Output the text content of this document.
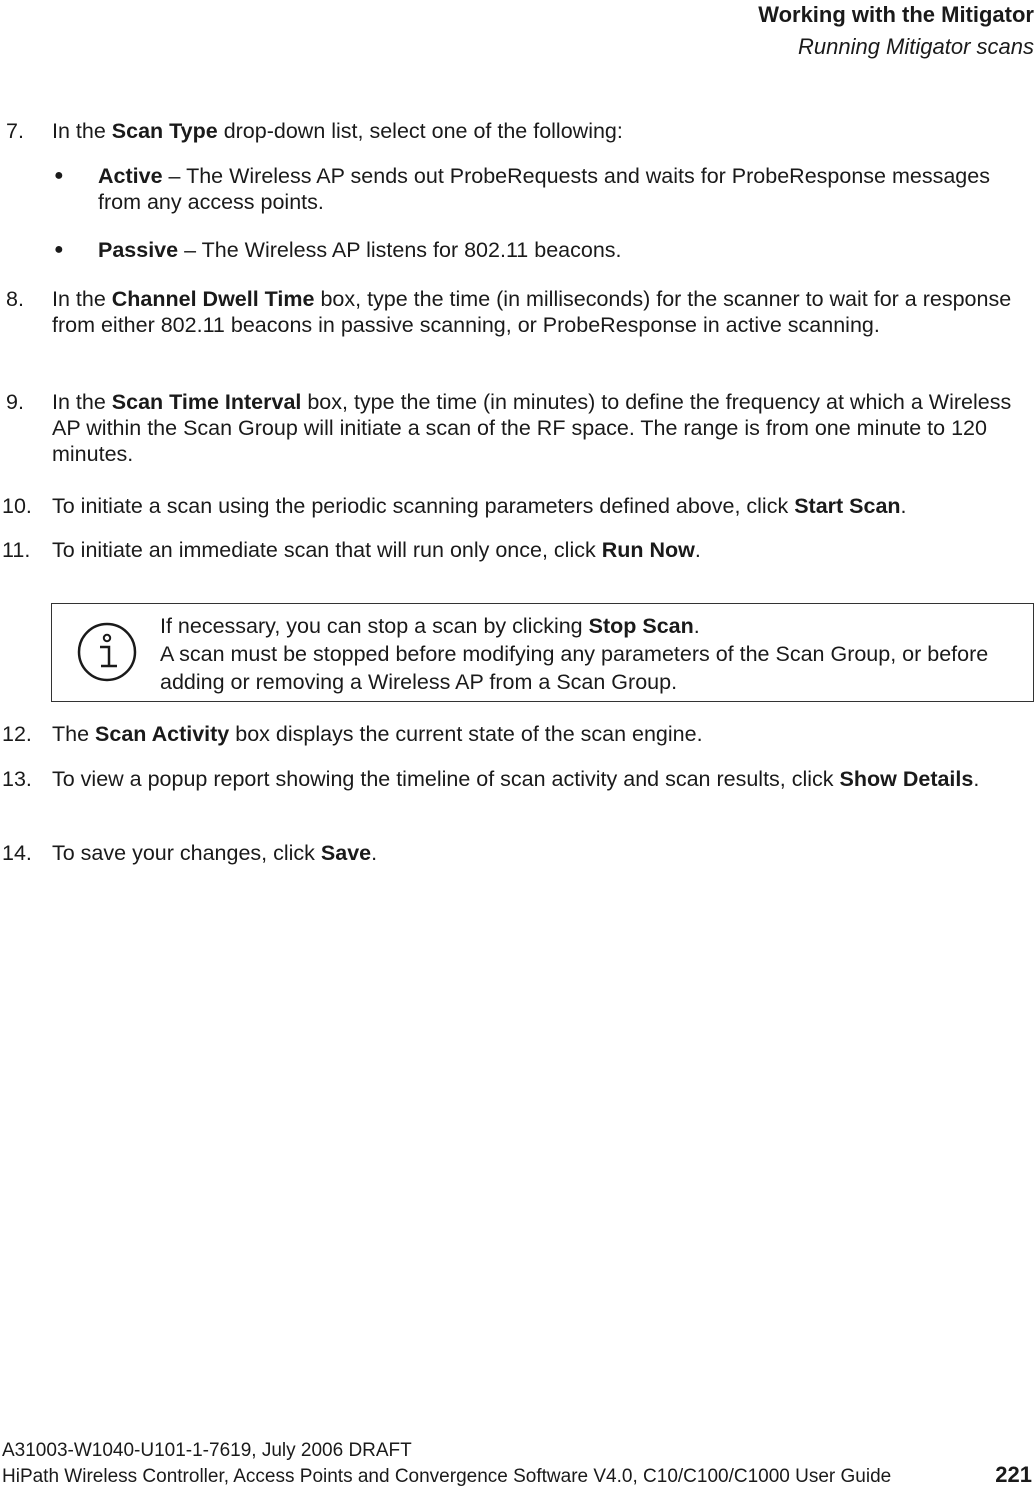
Working with the Mitigator
Running Mitigator scans
7. In the Scan Type drop-down list, select one of the following:
● Active – The Wireless AP sends out ProbeRequests and waits for ProbeResponse messages from any access points.
● Passive – The Wireless AP listens for 802.11 beacons.
8. In the Channel Dwell Time box, type the time (in milliseconds) for the scanner to wait for a response from either 802.11 beacons in passive scanning, or ProbeResponse in active scanning.
9. In the Scan Time Interval box, type the time (in minutes) to define the frequency at which a Wireless AP within the Scan Group will initiate a scan of the RF space. The range is from one minute to 120 minutes.
10. To initiate a scan using the periodic scanning parameters defined above, click Start Scan.
11. To initiate an immediate scan that will run only once, click Run Now.
If necessary, you can stop a scan by clicking Stop Scan.
A scan must be stopped before modifying any parameters of the Scan Group, or before adding or removing a Wireless AP from a Scan Group.
12. The Scan Activity box displays the current state of the scan engine.
13. To view a popup report showing the timeline of scan activity and scan results, click Show Details.
14. To save your changes, click Save.
A31003-W1040-U101-1-7619, July 2006 DRAFT
HiPath Wireless Controller, Access Points and Convergence Software V4.0, C10/C100/C1000 User Guide	221
